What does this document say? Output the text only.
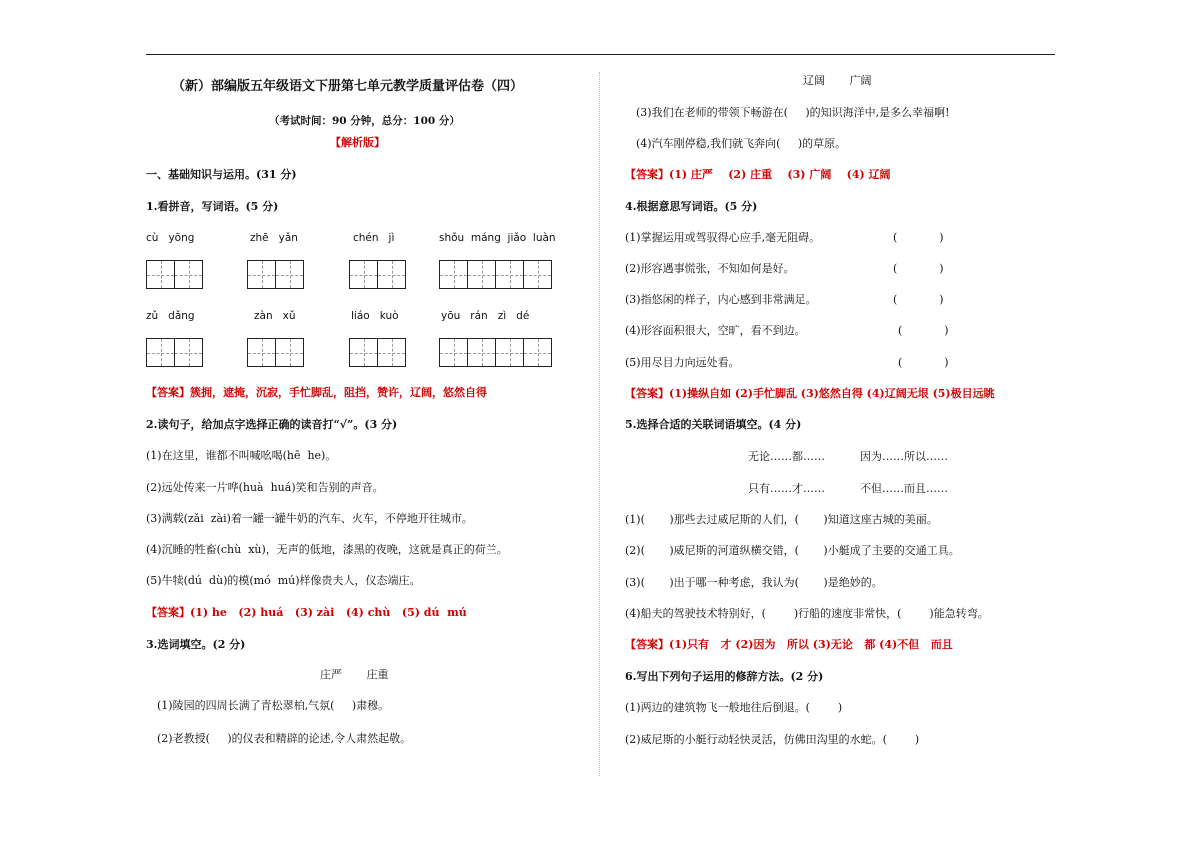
（新）部编版五年级语文下册第七单元教学质量评估卷（四）
（考试时间：90 分钟，总分：100 分）
【解析版】
一、基础知识与运用。(31 分)
1.看拼音，写词语。(5 分)
cù   yōng	zhē   yǎn	chén   jì	shǒu  máng  jiǎo  luàn
zǔ   dǎng	zàn   xǔ	liáo   kuò	yōu   rán   zì   dé
【答案】簇拥，遮掩，沉寂，手忙脚乱，阻挡，赞许，辽阔，悠然自得
2.读句子，给加点字选择正确的读音打“√”。(3 分)
(1)在这里，谁都不叫喊吆喝(hē  he)。
(2)远处传来一片哗(huà  huá)笑和告别的声音。
(3)满载(zǎi  zài)着一罐一罐牛奶的汽车、火车，不停地开往城市。
(4)沉睡的牲畜(chù  xù)，无声的低地，漆黑的夜晚，这就是真正的荷兰。
(5)牛犊(dú  dù)的模(mó  mú)样像贵夫人，仪态端庄。
【答案】(1) he   (2) huá   (3) zài   (4) chù   (5) dú  mú
3.选词填空。(2 分)
庄严       庄重
(1)陵园的四周长满了青松翠柏,气氛(     )肃穆。
(2)老教授(     )的仪表和精辟的论述,令人肃然起敬。
辽阔       广阔
(3)我们在老师的带领下畅游在(     )的知识海洋中,是多么幸福啊!
(4)汽车刚停稳,我们就飞奔向(     )的草原。
【答案】(1) 庄严    (2) 庄重    (3) 广阔    (4) 辽阔
4.根据意思写词语。(5 分)
(1)掌握运用或驾驭得心应手,毫无阻碍。	(            )
(2)形容遇事慌张，不知如何是好。	(            )
(3)指悠闲的样子，内心感到非常满足。	(            )
(4)形容面积很大，空旷，看不到边。	(            )
(5)用尽目力向远处看。	(            )
【答案】(1)操纵自如 (2)手忙脚乱 (3)悠然自得 (4)辽阔无垠 (5)极目远眺
5.选择合适的关联词语填空。(4 分)
无论……都……          因为……所以……
只有……才……          不但……而且……
(1)(       )那些去过威尼斯的人们，(       )知道这座古城的美丽。
(2)(       )威尼斯的河道纵横交错，(       )小艇成了主要的交通工具。
(3)(       )出于哪一种考虑，我认为(       )是绝妙的。
(4)船夫的驾驶技术特别好，(        )行船的速度非常快，(        )能急转弯。
【答案】(1)只有   才 (2)因为   所以 (3)无论   都 (4)不但   而且
6.写出下列句子运用的修辞方法。(2 分)
(1)两边的建筑物飞一般地往后倒退。(        )
(2)威尼斯的小艇行动轻快灵活，仿佛田沟里的水蛇。(        )
